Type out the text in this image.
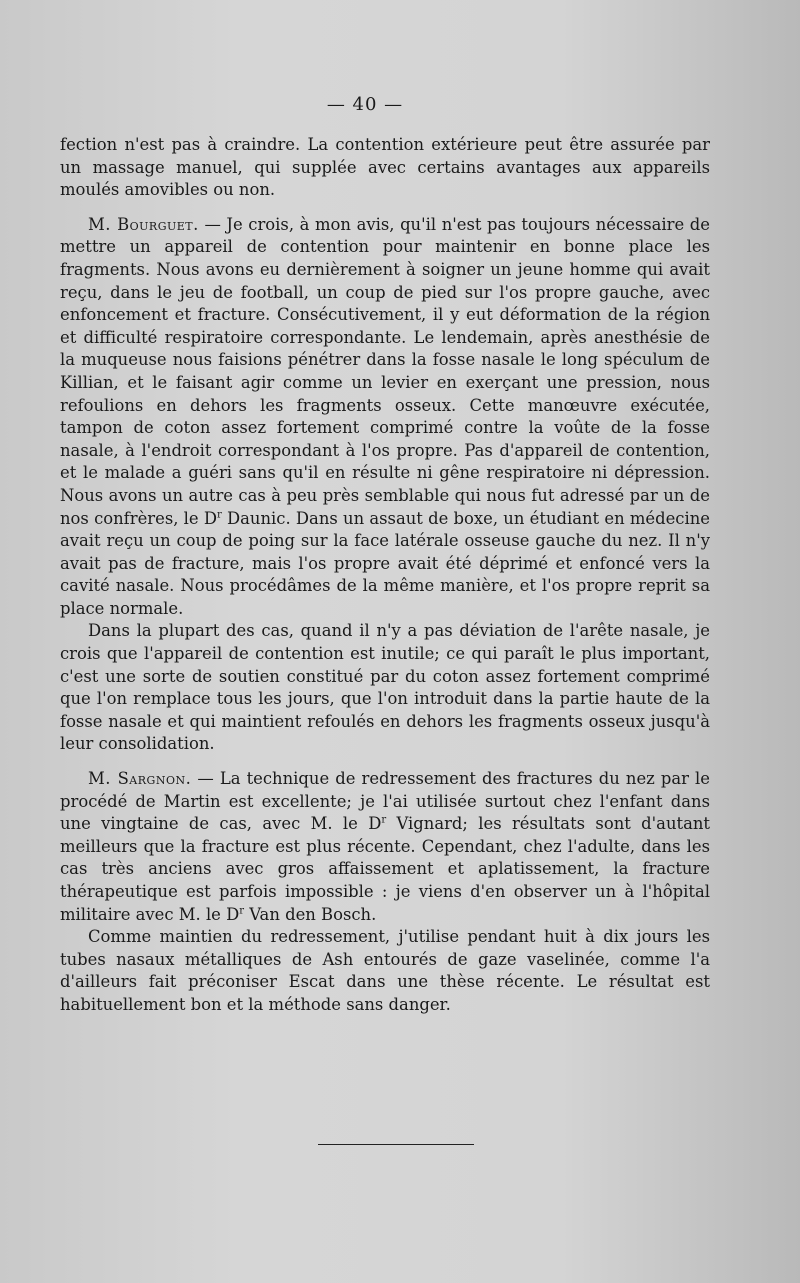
— 40 —

fection n'est pas à craindre. La contention extérieure peut être assurée par un massage manuel, qui supplée avec certains avantages aux appareils moulés amovibles ou non.

M. Bourguet. — Je crois, à mon avis, qu'il n'est pas toujours nécessaire de mettre un appareil de contention pour maintenir en bonne place les fragments. Nous avons eu dernièrement à soigner un jeune homme qui avait reçu, dans le jeu de football, un coup de pied sur l'os propre gauche, avec enfoncement et fracture. Consécutivement, il y eut déformation de la région et difficulté respiratoire correspondante. Le lendemain, après anesthésie de la muqueuse nous faisions pénétrer dans la fosse nasale le long spéculum de Killian, et le faisant agir comme un levier en exerçant une pression, nous refoulions en dehors les fragments osseux. Cette manœuvre exécutée, tampon de coton assez fortement comprimé contre la voûte de la fosse nasale, à l'endroit correspondant à l'os propre. Pas d'appareil de contention, et le malade a guéri sans qu'il en résulte ni gêne respiratoire ni dépression. Nous avons un autre cas à peu près semblable qui nous fut adressé par un de nos confrères, le $D^r$ Daunic. Dans un assaut de boxe, un étudiant en médecine avait reçu un coup de poing sur la face latérale osseuse gauche du nez. Il n'y avait pas de fracture, mais l'os propre avait été déprimé et enfoncé vers la cavité nasale. Nous procédâmes de la même manière, et l'os propre reprit sa place normale.

Dans la plupart des cas, quand il n'y a pas déviation de l'arête nasale, je crois que l'appareil de contention est inutile; ce qui paraît le plus important, c'est une sorte de soutien constitué par du coton assez fortement comprimé que l'on remplace tous les jours, que l'on introduit dans la partie haute de la fosse nasale et qui maintient refoulés en dehors les fragments osseux jusqu'à leur consolidation.

M. Sargnon. — La technique de redressement des fractures du nez par le procédé de Martin est excellente; je l'ai utilisée surtout chez l'enfant dans une vingtaine de cas, avec M. le $D^r$ Vignard; les résultats sont d'autant meilleurs que la fracture est plus récente. Cependant, chez l'adulte, dans les cas très anciens avec gros affaissement et aplatissement, la fracture thérapeutique est parfois impossible : je viens d'en observer un à l'hôpital militaire avec M. le $D^r$ Van den Bosch.

Comme maintien du redressement, j'utilise pendant huit à dix jours les tubes nasaux métalliques de Ash entourés de gaze vaselinée, comme l'a d'ailleurs fait préconiser Escat dans une thèse récente. Le résultat est habituellement bon et la méthode sans danger.
